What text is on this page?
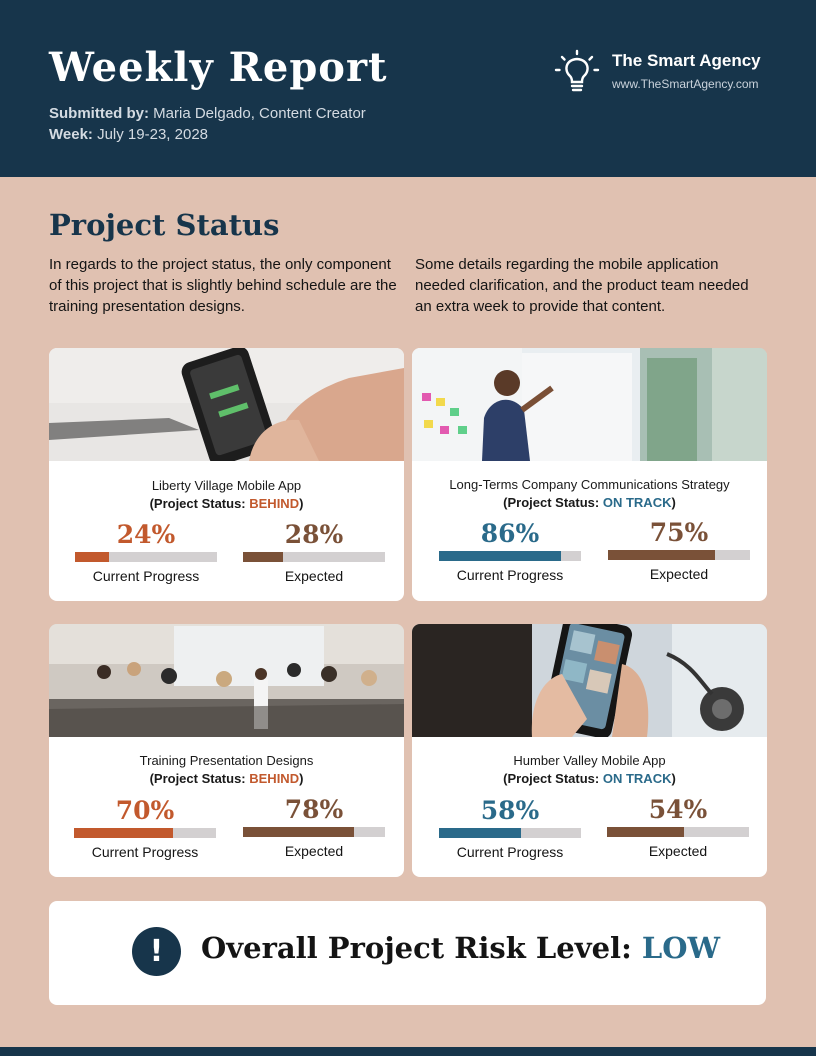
Weekly Report
Submitted by: Maria Delgado, Content Creator
Week: July 19-23, 2028
The Smart Agency
www.TheSmartAgency.com
Project Status

In regards to the project status, the only component of this project that is slightly behind schedule are the training presentation designs.

Some details regarding the mobile application needed clarification, and the product team needed an extra week to provide that content.

Liberty Village Mobile App
(Project Status: BEHIND)
24%
Current Progress
28%
Expected
Long-Terms Company Communications Strategy
(Project Status: ON TRACK)
86%
Current Progress
75%
Expected
Training Presentation Designs
(Project Status: BEHIND)
70%
Current Progress
78%
Expected
Humber Valley Mobile App
(Project Status: ON TRACK)
58%
Current Progress
54%
Expected
!	Overall Project Risk Level: LOW
